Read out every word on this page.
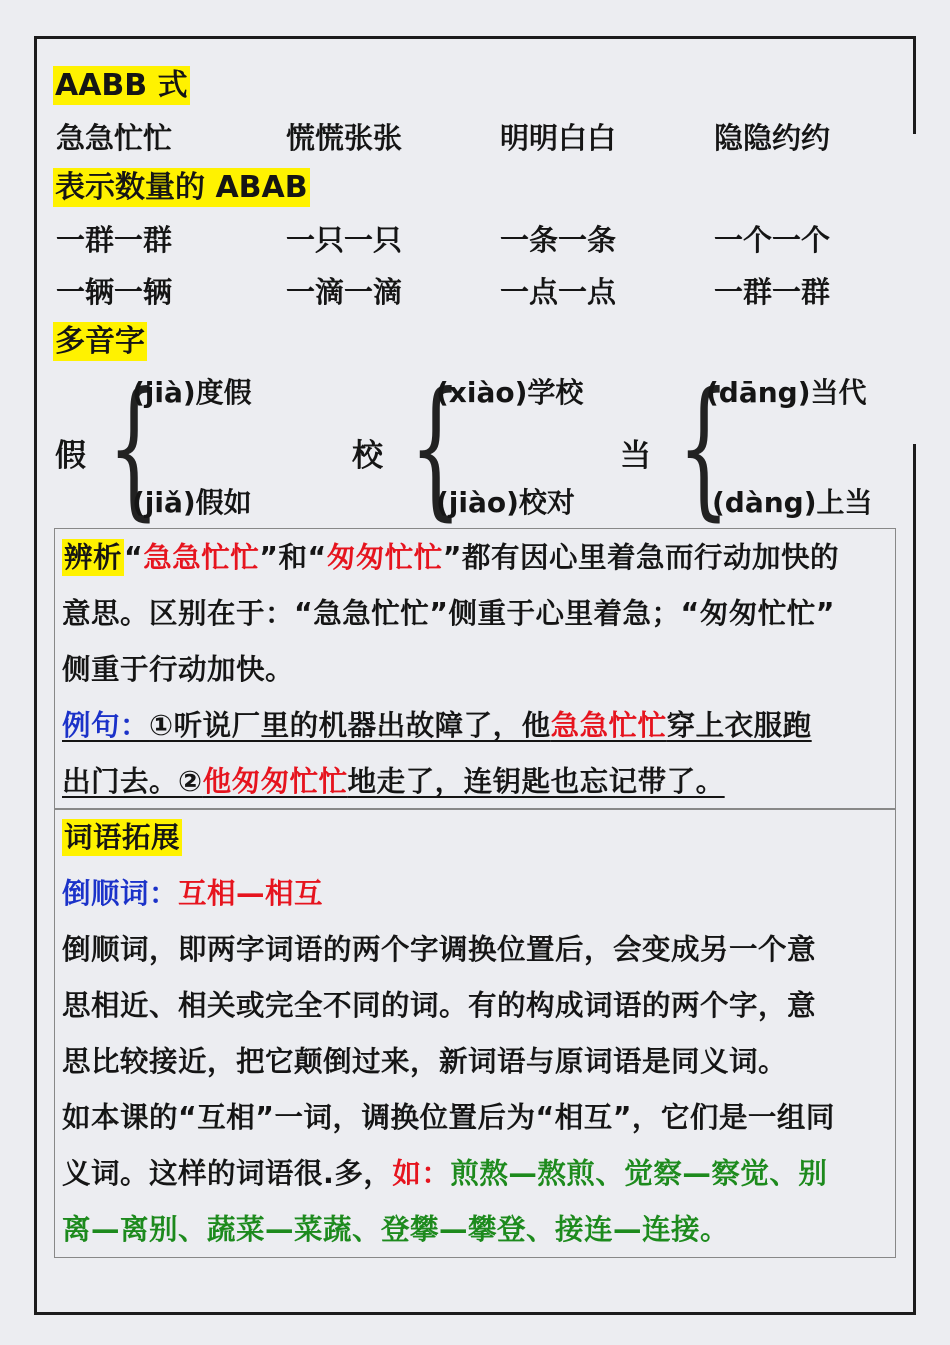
AABB 式
急急忙忙	慌慌张张	明明白白	隐隐约约
表示数量的 ABAB
一群一群	一只一只	一条一条	一个一个
一辆一辆	一滴一滴	一点一点	一群一群
多音字
假 {
(jià)度假
(jiǎ)假如
校 {
(xiào)学校
(jiào)校对
当 {
(dāng)当代
(dàng)上当
辨析“急急忙忙”和“匆匆忙忙”都有因心里着急而行动加快的
意思。区别在于：“急急忙忙”侧重于心里着急；“匆匆忙忙”
侧重于行动加快。
例句：①听说厂里的机器出故障了，他急急忙忙穿上衣服跑
出门去。②他匆匆忙忙地走了，连钥匙也忘记带了。
词语拓展
倒顺词：互相—相互
倒顺词，即两字词语的两个字调换位置后，会变成另一个意
思相近、相关或完全不同的词。有的构成词语的两个字，意
思比较接近，把它颠倒过来，新词语与原词语是同义词。
如本课的“互相”一词，调换位置后为“相互”，它们是一组同
义词。这样的词语很.多，如：煎熬—熬煎、觉察—察觉、别
离—离别、蔬菜—菜蔬、登攀—攀登、接连—连接。
